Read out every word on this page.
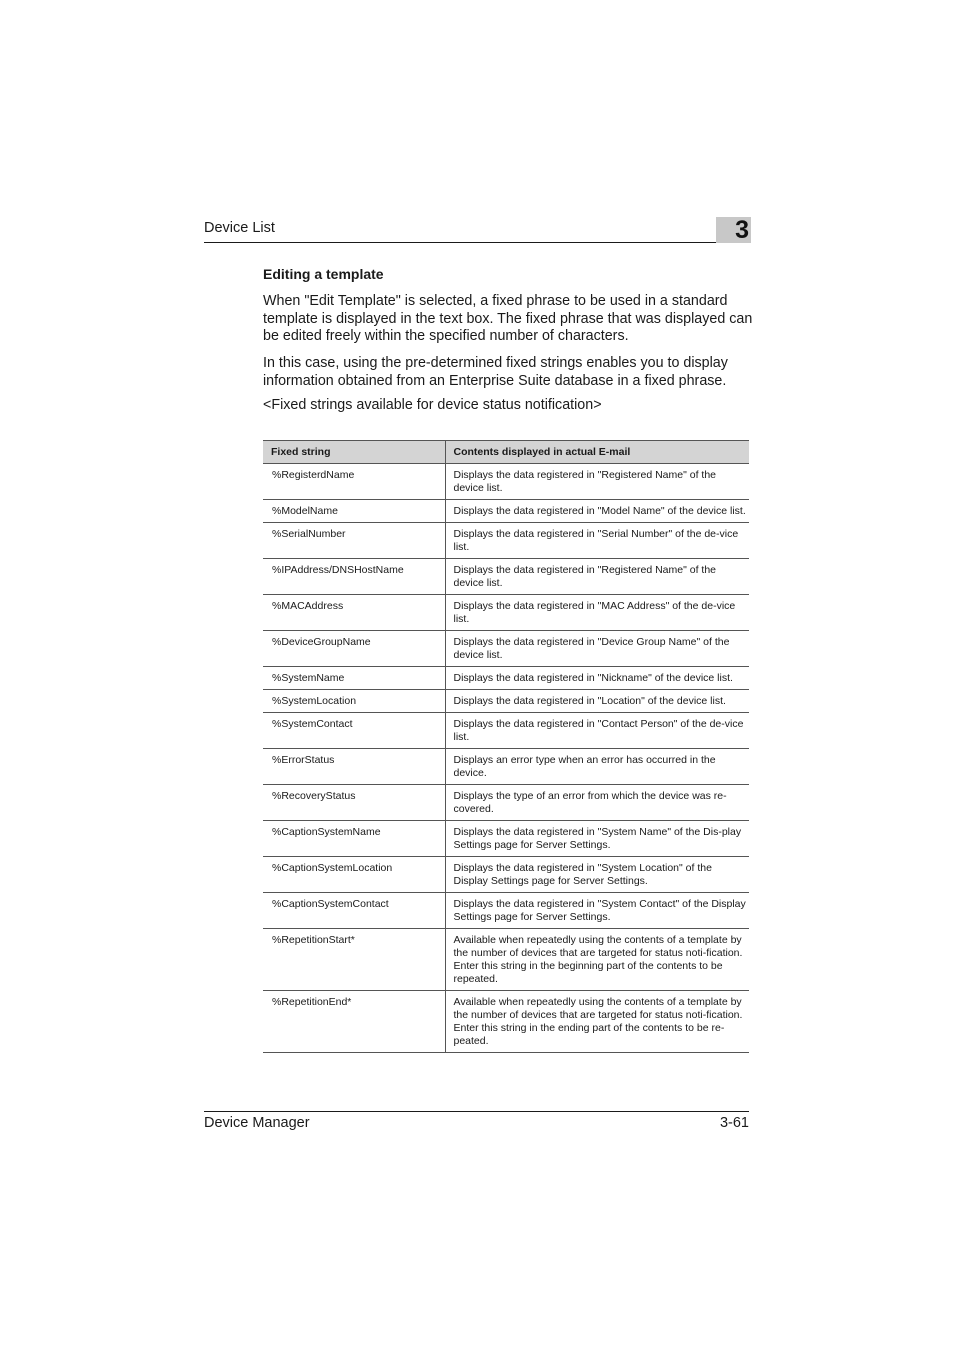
Device List	3
Editing a template

When "Edit Template" is selected, a fixed phrase to be used in a standard template is displayed in the text box. The fixed phrase that was displayed can be edited freely within the specified number of characters.

In this case, using the pre-determined fixed strings enables you to display information obtained from an Enterprise Suite database in a fixed phrase.

<Fixed strings available for device status notification>

Fixed string	Contents displayed in actual E-mail
%RegisterdName	Displays the data registered in "Registered Name" of the device list.
%ModelName	Displays the data registered in "Model Name" of the device list.
%SerialNumber	Displays the data registered in "Serial Number" of the de-vice list.
%IPAddress/DNSHostName	Displays the data registered in "Registered Name" of the device list.
%MACAddress	Displays the data registered in "MAC Address" of the de-vice list.
%DeviceGroupName	Displays the data registered in "Device Group Name" of the device list.
%SystemName	Displays the data registered in "Nickname" of the device list.
%SystemLocation	Displays the data registered in "Location" of the device list.
%SystemContact	Displays the data registered in "Contact Person" of the de-vice list.
%ErrorStatus	Displays an error type when an error has occurred in the device.
%RecoveryStatus	Displays the type of an error from which the device was re-covered.
%CaptionSystemName	Displays the data registered in "System Name" of the Dis-play Settings page for Server Settings.
%CaptionSystemLocation	Displays the data registered in "System Location" of the Display Settings page for Server Settings.
%CaptionSystemContact	Displays the data registered in "System Contact" of the Display Settings page for Server Settings.
%RepetitionStart*	Available when repeatedly using the contents of a template by the number of devices that are targeted for status noti-fication.
Enter this string in the beginning part of the contents to be repeated.
%RepetitionEnd*	Available when repeatedly using the contents of a template by the number of devices that are targeted for status noti-fication.
Enter this string in the ending part of the contents to be re-peated.
Device Manager	3-61
